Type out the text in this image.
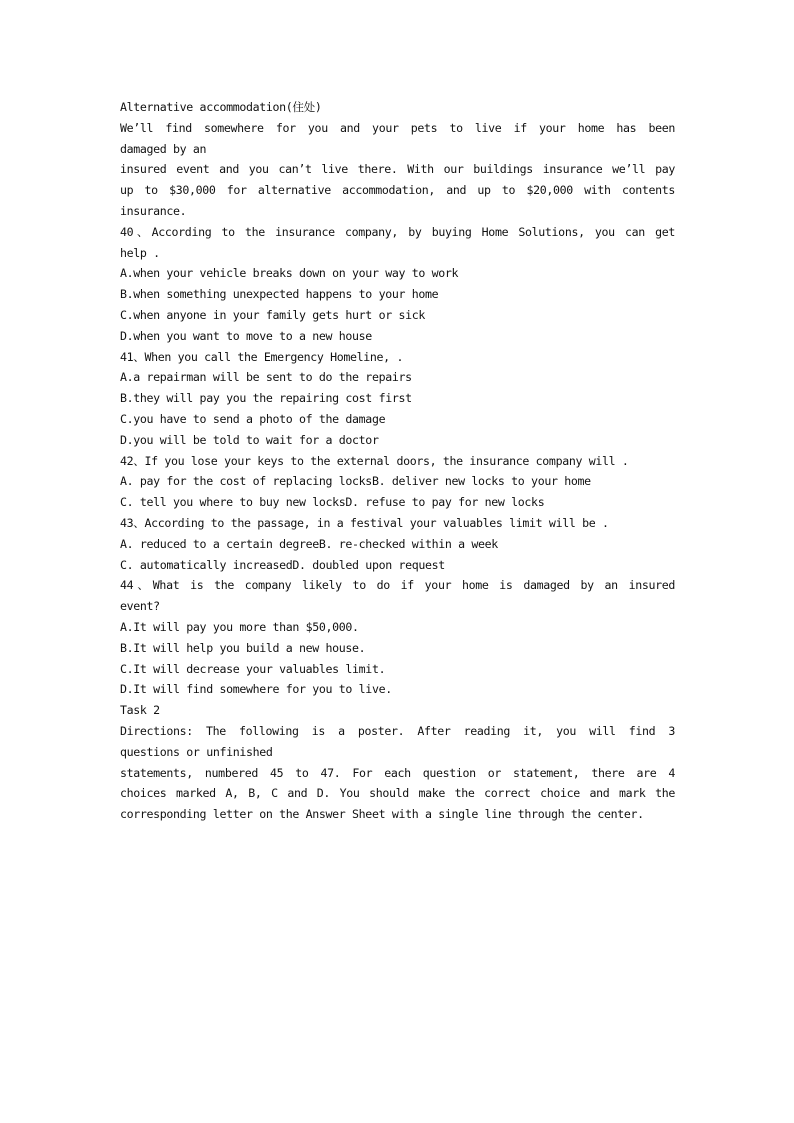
Alternative accommodation(住处)

We’ll find somewhere for you and your pets to live if your home has been

damaged by an

insured event and you can’t live there. With our buildings insurance we’ll pay

up to $30,000 for alternative accommodation, and up to $20,000 with contents

insurance.

40、According to the insurance company, by buying Home Solutions, you can get

help .

A.when your vehicle breaks down on your way to work

B.when something unexpected happens to your home

C.when anyone in your family gets hurt or sick

D.when you want to move to a new house

41、When you call the Emergency Homeline, .

A.a repairman will be sent to do the repairs

B.they will pay you the repairing cost first

C.you have to send a photo of the damage

D.you will be told to wait for a doctor

42、If you lose your keys to the external doors, the insurance company will .

A. pay for the cost of replacing locksB. deliver new locks to your home

C. tell you where to buy new locksD. refuse to pay for new locks

43、According to the passage, in a festival your valuables limit will be .

A. reduced to a certain degreeB. re-checked within a week

C. automatically increasedD. doubled upon request

44、What is the company likely to do if your home is damaged by an insured

event?

A.It will pay you more than $50,000.

B.It will help you build a new house.

C.It will decrease your valuables limit.

D.It will find somewhere for you to live.

Task 2

Directions: The following is a poster. After reading it, you will find 3

questions or unfinished

statements, numbered 45 to 47. For each question or statement, there are 4

choices marked A, B, C and D. You should make the correct choice and mark the

corresponding letter on the Answer Sheet with a single line through the center.
